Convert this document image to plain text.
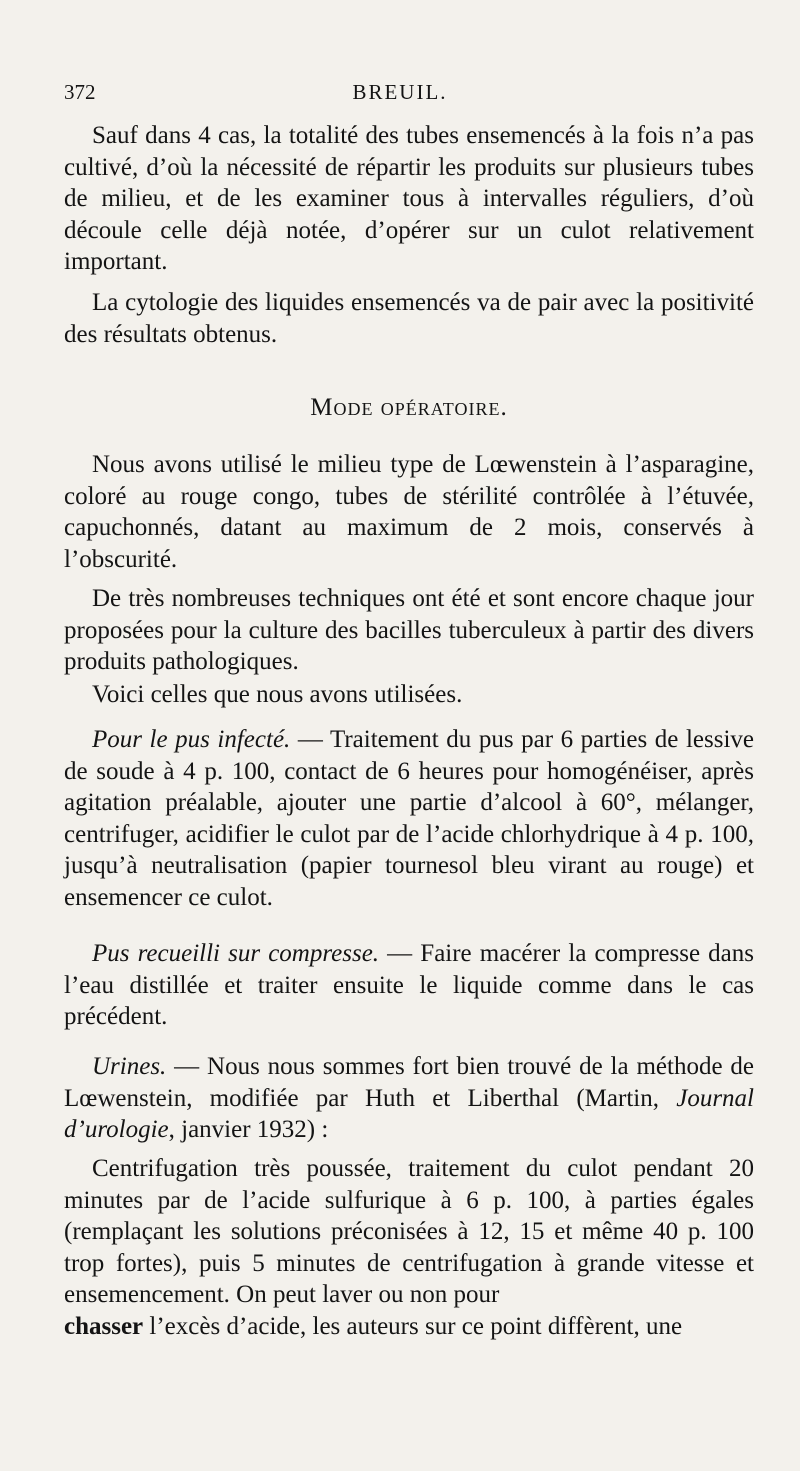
372	BREUIL.

Sauf dans 4 cas, la totalité des tubes ensemencés à la fois n’a pas cultivé, d’où la nécessité de répartir les produits sur plusieurs tubes de milieu, et de les examiner tous à intervalles réguliers, d’où découle celle déjà notée, d’opérer sur un culot relativement important.

La cytologie des liquides ensemencés va de pair avec la positivité des résultats obtenus.

Mode opératoire.

Nous avons utilisé le milieu type de Lœwenstein à l’asparagine, coloré au rouge congo, tubes de stérilité contrôlée à l’étuvée, capuchonnés, datant au maximum de 2 mois, conservés à l’obscurité.

De très nombreuses techniques ont été et sont encore chaque jour proposées pour la culture des bacilles tuberculeux à partir des divers produits pathologiques.

Voici celles que nous avons utilisées.

Pour le pus infecté. — Traitement du pus par 6 parties de lessive de soude à 4 p. 100, contact de 6 heures pour homogénéiser, après agitation préalable, ajouter une partie d’alcool à 60°, mélanger, centrifuger, acidifier le culot par de l’acide chlorhydrique à 4 p. 100, jusqu’à neutralisation (papier tournesol bleu virant au rouge) et ensemencer ce culot.

Pus recueilli sur compresse. — Faire macérer la compresse dans l’eau distillée et traiter ensuite le liquide comme dans le cas précédent.

Urines. — Nous nous sommes fort bien trouvé de la méthode de Lœwenstein, modifiée par Huth et Liberthal (Martin, Journal d’urologie, janvier 1932) :

Centrifugation très poussée, traitement du culot pendant 20 minutes par de l’acide sulfurique à 6 p. 100, à parties égales (remplaçant les solutions préconisées à 12, 15 et même 40 p. 100 trop fortes), puis 5 minutes de centrifugation à grande vitesse et ensemencement. On peut laver ou non pour

chasser l’excès d’acide, les auteurs sur ce point diffèrent, une
